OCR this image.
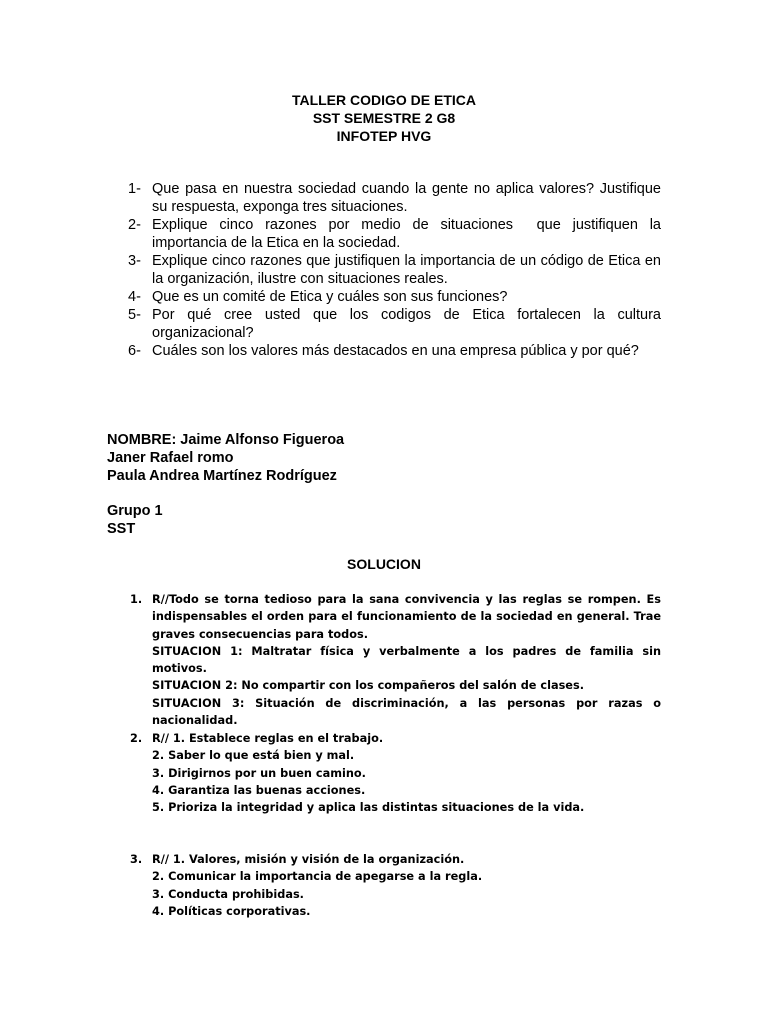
TALLER CODIGO DE ETICA
SST SEMESTRE 2 G8
INFOTEP HVG
1- Que pasa en nuestra sociedad cuando la gente no aplica valores? Justifique su respuesta, exponga tres situaciones.
2- Explique cinco razones por medio de situaciones  que justifiquen la importancia de la Etica en la sociedad.
3- Explique cinco razones que justifiquen la importancia de un código de Etica en la organización, ilustre con situaciones reales.
4- Que es un comité de Etica y cuáles son sus funciones?
5- Por qué cree usted que los codigos de Etica fortalecen la cultura organizacional?
6- Cuáles son los valores más destacados en una empresa pública y por qué?
NOMBRE: Jaime Alfonso Figueroa
Janer Rafael romo
Paula Andrea Martínez Rodríguez
Grupo 1
SST
SOLUCION
1. R//Todo se torna tedioso para la sana convivencia y las reglas se rompen. Es indispensables el orden para el funcionamiento de la sociedad en general. Trae graves consecuencias para todos.
SITUACION 1: Maltratar física y verbalmente a los padres de familia sin motivos.
SITUACION 2: No compartir con los compañeros del salón de clases.
SITUACION 3: Situación de discriminación, a las personas por razas o nacionalidad.
2. R// 1. Establece reglas en el trabajo.
2. Saber lo que está bien y mal.
3. Dirigirnos por un buen camino.
4. Garantiza las buenas acciones.
5. Prioriza la integridad y aplica las distintas situaciones de la vida.
3. R// 1. Valores, misión y visión de la organización.
2. Comunicar la importancia de apegarse a la regla.
3. Conducta prohibidas.
4. Políticas corporativas.
